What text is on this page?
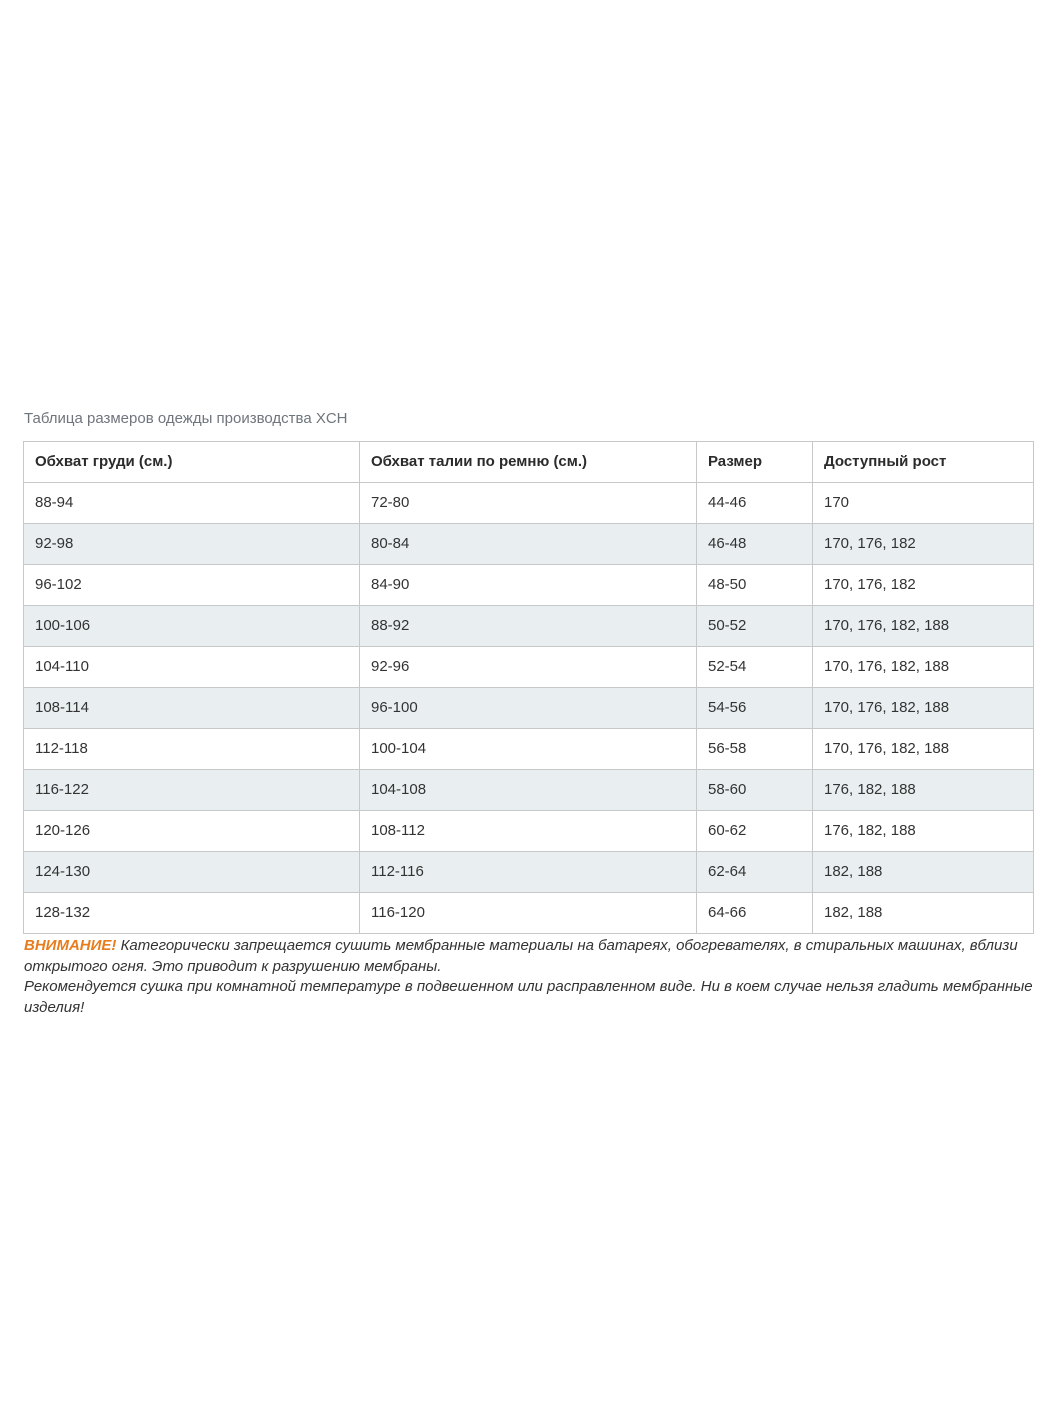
Таблица размеров одежды производства XCH
Обхват груди (см.)	Обхват талии по ремню (см.)	Размер	Доступный рост
88-94	72-80	44-46	170
92-98	80-84	46-48	170, 176, 182
96-102	84-90	48-50	170, 176, 182
100-106	88-92	50-52	170, 176, 182, 188
104-110	92-96	52-54	170, 176, 182, 188
108-114	96-100	54-56	170, 176, 182, 188
112-118	100-104	56-58	170, 176, 182, 188
116-122	104-108	58-60	176, 182, 188
120-126	108-112	60-62	176, 182, 188
124-130	112-116	62-64	182, 188
128-132	116-120	64-66	182, 188
ВНИМАНИЕ! Категорически запрещается сушить мембранные материалы на батареях, обогревателях, в стиральных машинах, вблизи открытого огня. Это приводит к разрушению мембраны.
Рекомендуется сушка при комнатной температуре в подвешенном или расправленном виде. Ни в коем случае нельзя гладить мембранные изделия!
